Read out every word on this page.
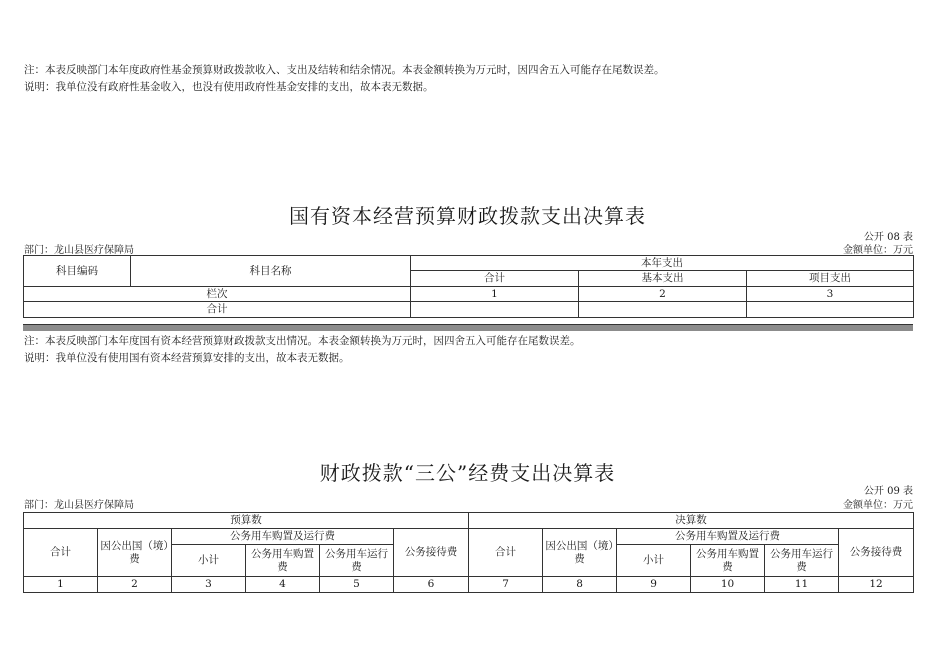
注：本表反映部门本年度政府性基金预算财政拨款收入、支出及结转和结余情况。本表金额转换为万元时，因四舍五入可能存在尾数误差。
说明：我单位没有政府性基金收入，也没有使用政府性基金安排的支出，故本表无数据。
国有资本经营预算财政拨款支出决算表
公开 08 表
部门：龙山县医疗保障局	金额单位：万元
科目编码	科目名称	本年支出		
		合计	基本支出	项目支出
栏次		1	2	3
合计				
注：本表反映部门本年度国有资本经营预算财政拨款支出情况。本表金额转换为万元时，因四舍五入可能存在尾数误差。
说明：我单位没有使用国有资本经营预算安排的支出，故本表无数据。
财政拨款“三公”经费支出决算表
公开 09 表
部门：龙山县医疗保障局	金额单位：万元
预算数						决算数					
合计	因公出国（境）费	公务用车购置及运行费			公务接待费	合计	因公出国（境）费	公务用车购置及运行费			公务接待费
		小计	公务用车购置费	公务用车运行费				小计	公务用车购置费	公务用车运行费	
1	2	3	4	5	6	7	8	9	10	11	12
